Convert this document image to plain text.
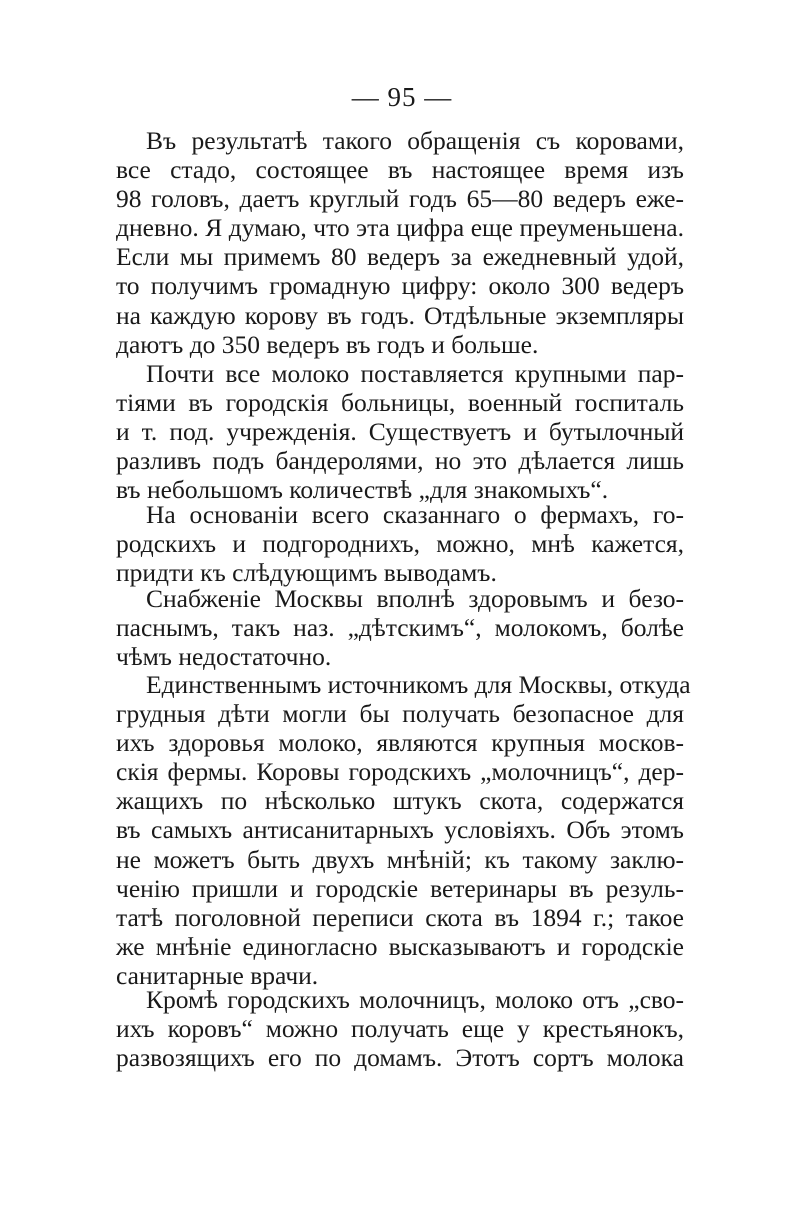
— 95 —
Въ результатѣ такого обращенія съ коровами,
все стадо, состоящее въ настоящее время изъ
98 головъ, даетъ круглый годъ 65—80 ведеръ еже-
дневно. Я думаю, что эта цифра еще преуменьшена.
Если мы примемъ 80 ведеръ за ежедневный удой,
то получимъ громадную цифру: около 300 ведеръ
на каждую корову въ годъ. Отдѣльные экземпляры
даютъ до 350 ведеръ въ годъ и больше.
Почти все молоко поставляется крупными пар-
тіями въ городскія больницы, военный госпиталь
и т. под. учрежденія. Существуетъ и бутылочный
разливъ подъ бандеролями, но это дѣлается лишь
въ небольшомъ количествѣ „для знакомыхъ“.
На основаніи всего сказаннаго о фермахъ, го-
родскихъ и подгороднихъ, можно, мнѣ кажется,
придти къ слѣдующимъ выводамъ.
Снабженіе Москвы вполнѣ здоровымъ и безо-
паснымъ, такъ наз. „дѣтскимъ“, молокомъ, болѣе
чѣмъ недостаточно.
Единственнымъ источникомъ для Москвы, откуда
грудныя дѣти могли бы получать безопасное для
ихъ здоровья молоко, являются крупныя москов-
скія фермы. Коровы городскихъ „молочницъ“, дер-
жащихъ по нѣсколько штукъ скота, содержатся
въ самыхъ антисанитарныхъ условіяхъ. Объ этомъ
не можетъ быть двухъ мнѣній; къ такому заклю-
ченію пришли и городскіе ветеринары въ резуль-
татѣ поголовной переписи скота въ 1894 г.; такое
же мнѣніе единогласно высказываютъ и городскіе
санитарные врачи.
Кромѣ городскихъ молочницъ, молоко отъ „сво-
ихъ коровъ“ можно получать еще у крестьянокъ,
развозящихъ его по домамъ. Этотъ сортъ молока
